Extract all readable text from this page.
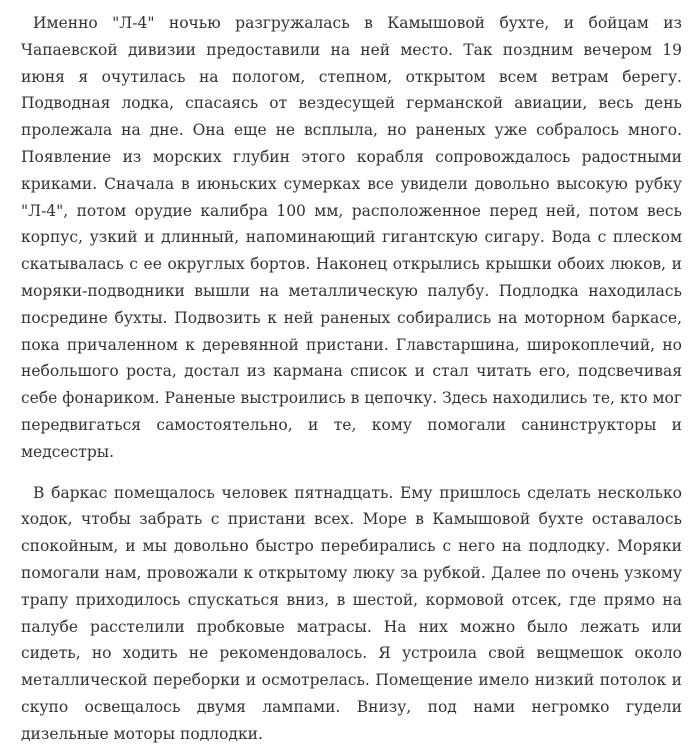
Именно "Л-4" ночью разгружалась в Камышовой бухте, и бойцам из Чапаевской дивизии предоставили на ней место. Так поздним вечером 19 июня я очутилась на пологом, степном, открытом всем ветрам берегу. Подводная лодка, спасаясь от вездесущей германской авиации, весь день пролежала на дне. Она еще не всплыла, но раненых уже собралось много. Появление из морских глубин этого корабля сопровождалось радостными криками. Сначала в июньских сумерках все увидели довольно высокую рубку "Л-4", потом орудие калибра 100 мм, расположенное перед ней, потом весь корпус, узкий и длинный, напоминающий гигантскую сигару. Вода с плеском скатывалась с ее округлых бортов. Наконец открылись крышки обоих люков, и моряки-подводники вышли на металлическую палубу. Подлодка находилась посредине бухты. Подвозить к ней раненых собирались на моторном баркасе, пока причаленном к деревянной пристани. Главстаршина, широкоплечий, но небольшого роста, достал из кармана список и стал читать его, подсвечивая себе фонариком. Раненые выстроились в цепочку. Здесь находились те, кто мог передвигаться самостоятельно, и те, кому помогали санинструкторы и медсестры.

В баркас помещалось человек пятнадцать. Ему пришлось сделать несколько ходок, чтобы забрать с пристани всех. Море в Камышовой бухте оставалось спокойным, и мы довольно быстро перебирались с него на подлодку. Моряки помогали нам, провожали к открытому люку за рубкой. Далее по очень узкому трапу приходилось спускаться вниз, в шестой, кормовой отсек, где прямо на палубе расстелили пробковые матрасы. На них можно было лежать или сидеть, но ходить не рекомендовалось. Я устроила свой вещмешок около металлической переборки и осмотрелась. Помещение имело низкий потолок и скупо освещалось двумя лампами. Внизу, под нами негромко гудели дизельные моторы подлодки.
